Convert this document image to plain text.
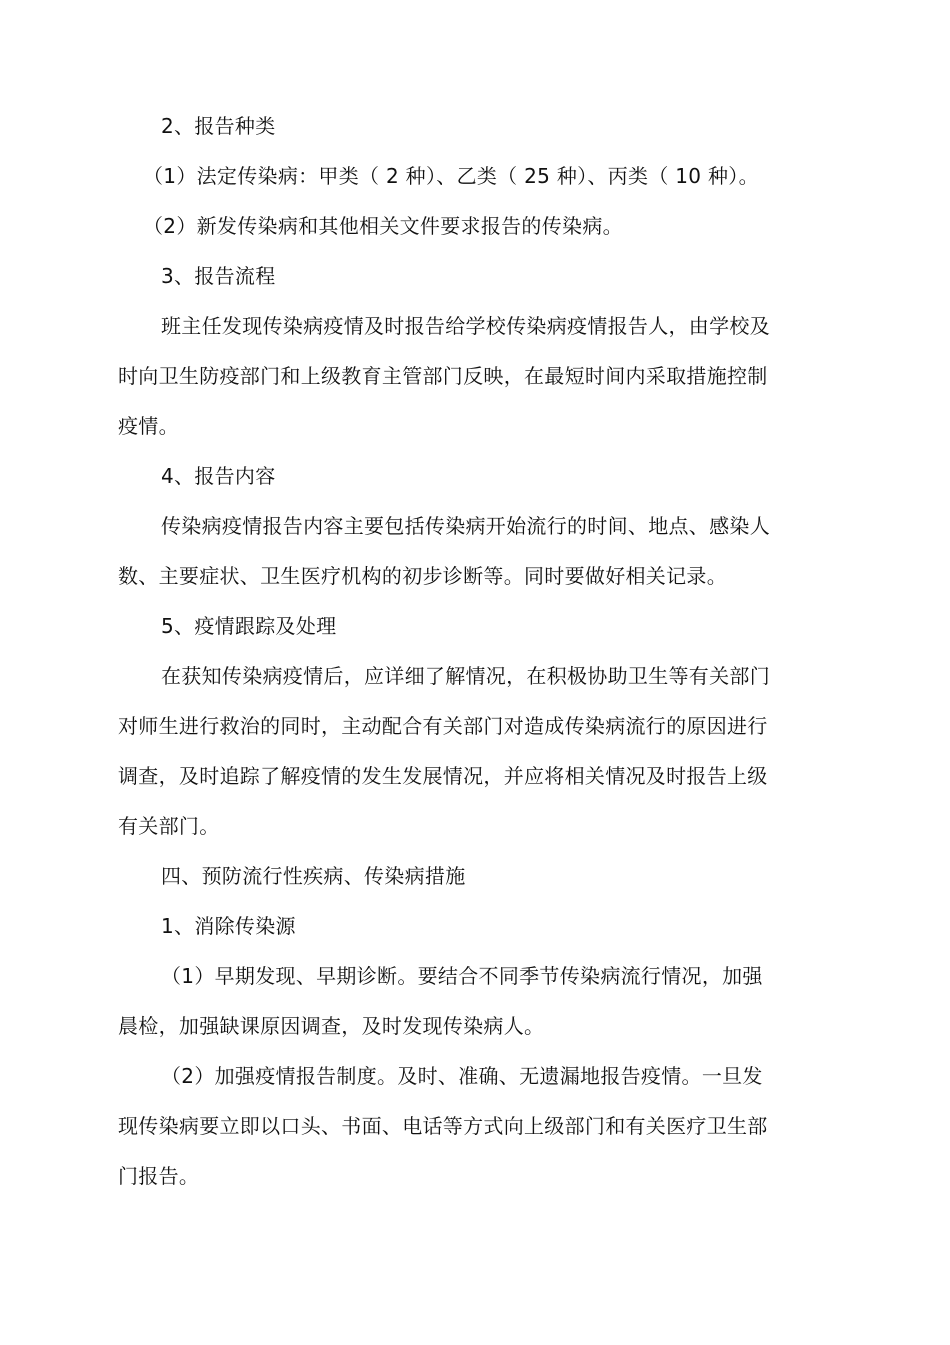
2、报告种类
（1）法定传染病：甲类（ 2 种）、乙类（ 25 种）、丙类（ 10 种）。
（2）新发传染病和其他相关文件要求报告的传染病。
3、报告流程
班主任发现传染病疫情及时报告给学校传染病疫情报告人，由学校及
时向卫生防疫部门和上级教育主管部门反映，在最短时间内采取措施控制
疫情。
4、报告内容
传染病疫情报告内容主要包括传染病开始流行的时间、地点、感染人
数、主要症状、卫生医疗机构的初步诊断等。同时要做好相关记录。
5、疫情跟踪及处理
在获知传染病疫情后，应详细了解情况，在积极协助卫生等有关部门
对师生进行救治的同时，主动配合有关部门对造成传染病流行的原因进行
调查，及时追踪了解疫情的发生发展情况，并应将相关情况及时报告上级
有关部门。
四、预防流行性疾病、传染病措施
1、消除传染源
（1）早期发现、早期诊断。要结合不同季节传染病流行情况，加强
晨检，加强缺课原因调查，及时发现传染病人。
（2）加强疫情报告制度。及时、准确、无遗漏地报告疫情。一旦发
现传染病要立即以口头、书面、电话等方式向上级部门和有关医疗卫生部
门报告。
